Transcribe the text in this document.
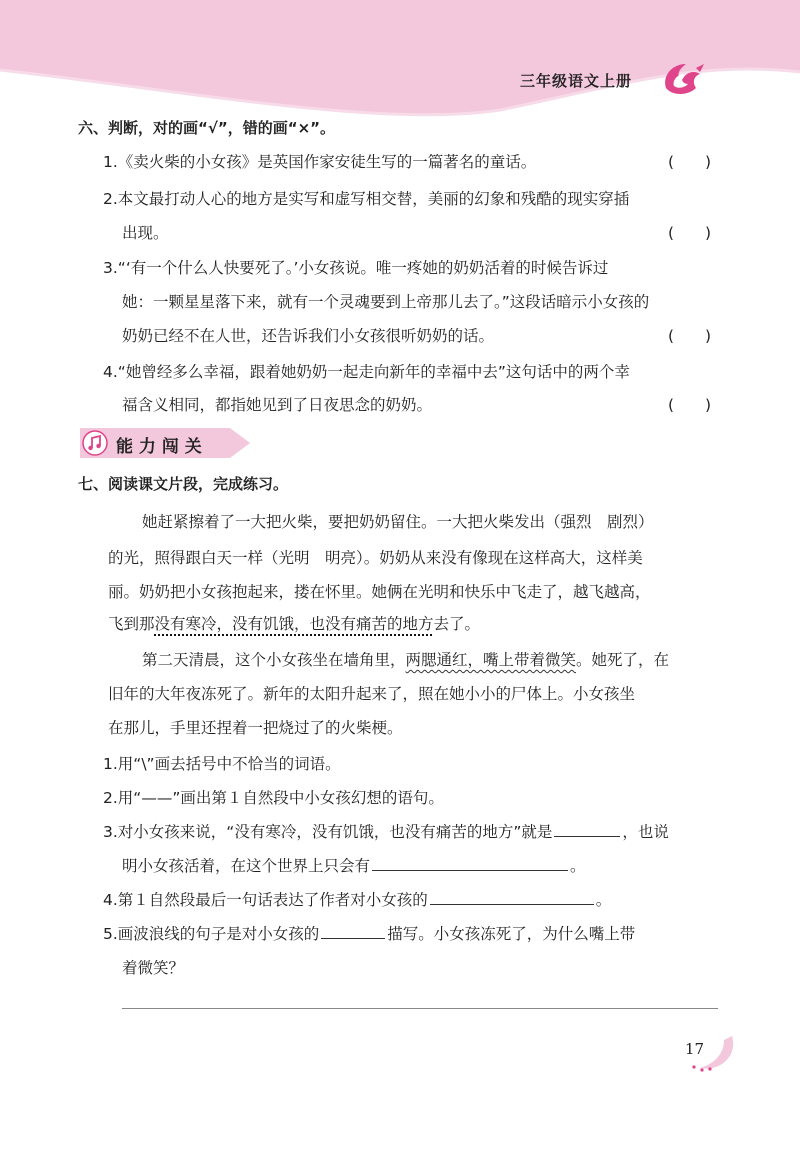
三年级语文上册
六、判断，对的画“√”，错的画“×”。
1.《卖火柴的小女孩》是英国作家安徒生写的一篇著名的童话。	(　　)
2.本文最打动人心的地方是实写和虚写相交替，美丽的幻象和残酷的现实穿插
出现。	(　　)
3.“‘有一个什么人快要死了。’小女孩说。唯一疼她的奶奶活着的时候告诉过
她：一颗星星落下来，就有一个灵魂要到上帝那儿去了。”这段话暗示小女孩的
奶奶已经不在人世，还告诉我们小女孩很听奶奶的话。	(　　)
4.“她曾经多么幸福，跟着她奶奶一起走向新年的幸福中去”这句话中的两个幸
福含义相同，都指她见到了日夜思念的奶奶。	(　　)
能 力 闯 关
七、阅读课文片段，完成练习。
她赶紧擦着了一大把火柴，要把奶奶留住。一大把火柴发出（强烈　剧烈）
的光，照得跟白天一样（光明　明亮）。奶奶从来没有像现在这样高大，这样美
丽。奶奶把小女孩抱起来，搂在怀里。她俩在光明和快乐中飞走了，越飞越高，
飞到那没有寒冷，没有饥饿，也没有痛苦的地方去了。
第二天清晨，这个小女孩坐在墙角里，两腮通红，嘴上带着微笑。她死了，在
旧年的大年夜冻死了。新年的太阳升起来了，照在她小小的尸体上。小女孩坐
在那儿，手里还捏着一把烧过了的火柴梗。
1.用“\”画去括号中不恰当的词语。
2.用“——”画出第１自然段中小女孩幻想的语句。
3.对小女孩来说，“没有寒冷，没有饥饿，也没有痛苦的地方”就是	，也说
明小女孩活着，在这个世界上只会有	。
4.第１自然段最后一句话表达了作者对小女孩的	。
5.画波浪线的句子是对小女孩的	描写。小女孩冻死了，为什么嘴上带
着微笑？
17
